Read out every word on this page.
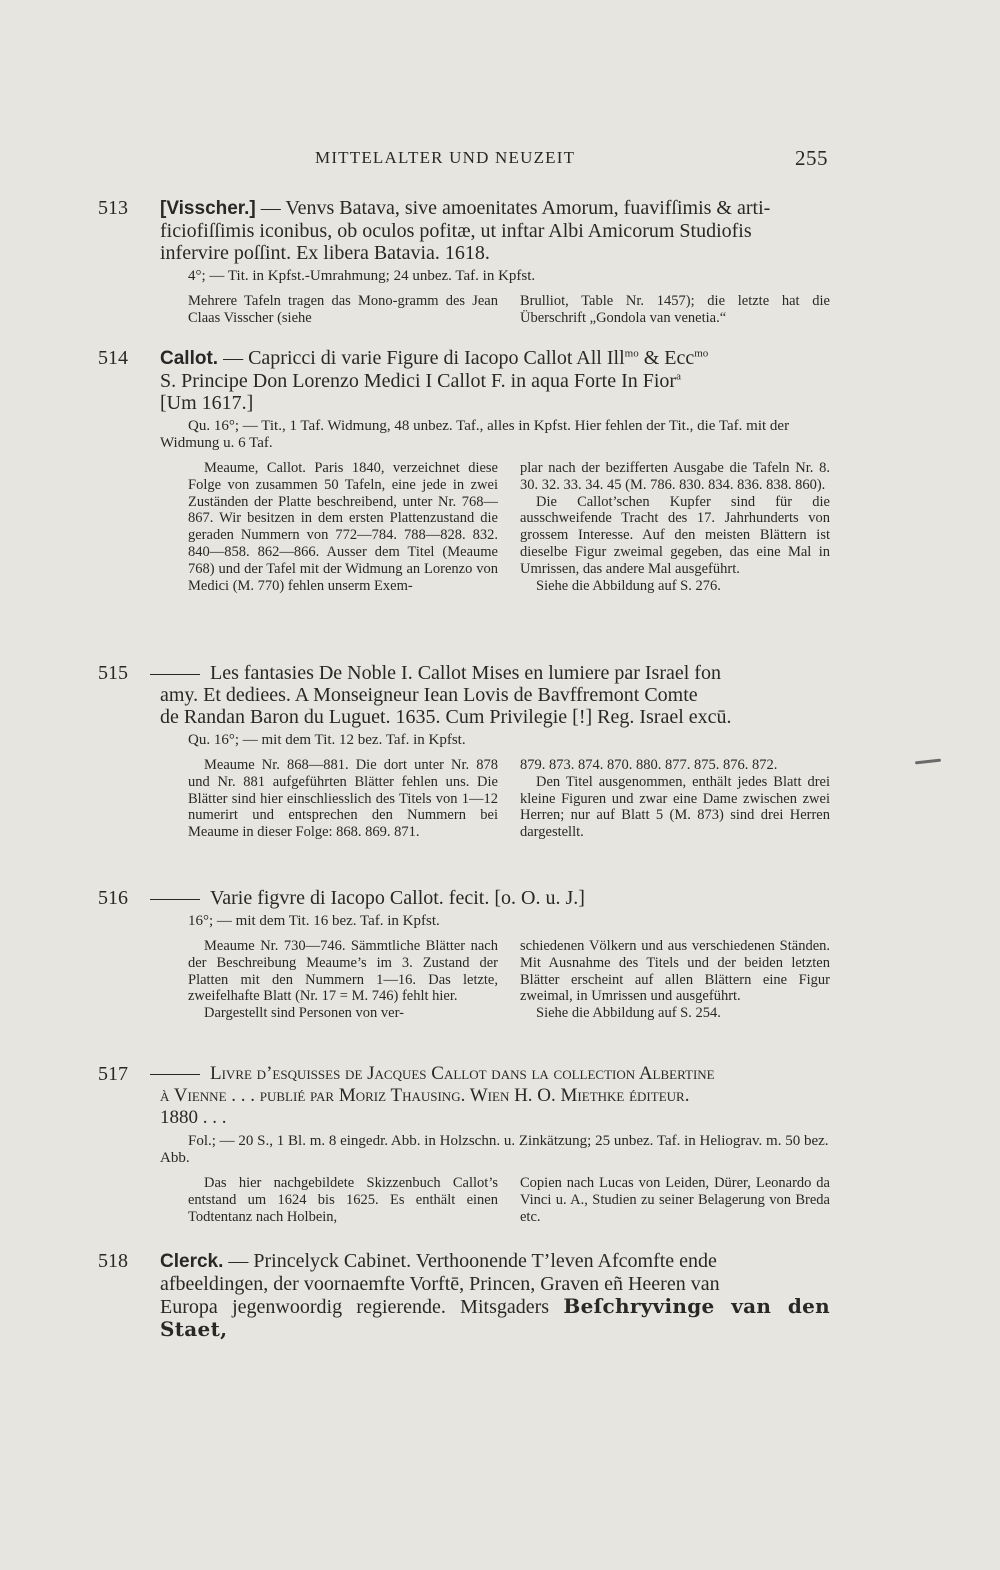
MITTELALTER UND NEUZEIT	255
513	[Visscher.] — Venvs Batava, sive amoenitates Amorum, fuavifſimis & arti-
ficiofiſſimis iconibus, ob oculos pofitæ, ut inftar Albi Amicorum Studiofis
infervire poſſint. Ex libera Batavia. 1618.
4°; — Tit. in Kpfst.-Umrahmung; 24 unbez. Taf. in Kpfst.

Mehrere Tafeln tragen das Mono-gramm des Jean Claas Visscher (siehe

Brulliot, Table Nr. 1457); die letzte hat die Überschrift „Gondola van venetia.“

514	Callot. — Capricci di varie Figure di Iacopo Callot All Ill$^{mo}$ & Ecc$^{mo}$
S. Principe Don Lorenzo Medici I Callot F. in aqua Forte In Fior$^a$
[Um 1617.]
Qu. 16°; — Tit., 1 Taf. Widmung, 48 unbez. Taf., alles in Kpfst. Hier fehlen der Tit., die Taf. mit der Widmung u. 6 Taf.

Meaume, Callot. Paris 1840, verzeichnet diese Folge von zusammen 50 Tafeln, eine jede in zwei Zuständen der Platte beschreibend, unter Nr. 768—867. Wir besitzen in dem ersten Plattenzustand die geraden Nummern von 772—784. 788—828. 832. 840—858. 862—866. Ausser dem Titel (Meaume 768) und der Tafel mit der Widmung an Lorenzo von Medici (M. 770) fehlen unserm Exem-

plar nach der bezifferten Ausgabe die Tafeln Nr. 8. 30. 32. 33. 34. 45 (M. 786. 830. 834. 836. 838. 860).

Die Callot’schen Kupfer sind für die ausschweifende Tracht des 17. Jahrhunderts von grossem Interesse. Auf den meisten Blättern ist dieselbe Figur zweimal gegeben, das eine Mal in Umrissen, das andere Mal ausgeführt.

Siehe die Abbildung auf S. 276.

515	Les fantasies De Noble I. Callot Mises en lumiere par Israel fon
amy. Et dediees. A Monseigneur Iean Lovis de Bavffremont Comte
de Randan Baron du Luguet. 1635. Cum Privilegie [!] Reg. Israel excū.
Qu. 16°; — mit dem Tit. 12 bez. Taf. in Kpfst.

Meaume Nr. 868—881. Die dort unter Nr. 878 und Nr. 881 aufgeführten Blätter fehlen uns. Die Blätter sind hier einschliesslich des Titels von 1—12 numerirt und entsprechen den Nummern bei Meaume in dieser Folge: 868. 869. 871.

879. 873. 874. 870. 880. 877. 875. 876. 872.

Den Titel ausgenommen, enthält jedes Blatt drei kleine Figuren und zwar eine Dame zwischen zwei Herren; nur auf Blatt 5 (M. 873) sind drei Herren dargestellt.

516	Varie figvre di Iacopo Callot. fecit. [o. O. u. J.]
16°; — mit dem Tit. 16 bez. Taf. in Kpfst.

Meaume Nr. 730—746. Sämmtliche Blätter nach der Beschreibung Meaume’s im 3. Zustand der Platten mit den Nummern 1—16. Das letzte, zweifelhafte Blatt (Nr. 17 = M. 746) fehlt hier.

Dargestellt sind Personen von ver-

schiedenen Völkern und aus verschiedenen Ständen. Mit Ausnahme des Titels und der beiden letzten Blätter erscheint auf allen Blättern eine Figur zweimal, in Umrissen und ausgeführt.

Siehe die Abbildung auf S. 254.

517	Livre d’esquisses de Jacques Callot dans la collection Albertine
à Vienne . . . publié par Moriz Thausing. Wien H. O. Miethke éditeur.
1880 . . .
Fol.; — 20 S., 1 Bl. m. 8 eingedr. Abb. in Holzschn. u. Zinkätzung; 25 unbez. Taf. in Heliograv. m. 50 bez. Abb.

Das hier nachgebildete Skizzenbuch Callot’s entstand um 1624 bis 1625. Es enthält einen Todtentanz nach Holbein,

Copien nach Lucas von Leiden, Dürer, Leonardo da Vinci u. A., Studien zu seiner Belagerung von Breda etc.

518	Clerck. — Princelyck Cabinet. Verthoonende T’leven Afcomfte ende
afbeeldingen, der voornaemfte Vorftē, Princen, Graven eñ Heeren van
Europa jegenwoordig regierende. Mitsgaders Beſchryvinge van den Staet,
